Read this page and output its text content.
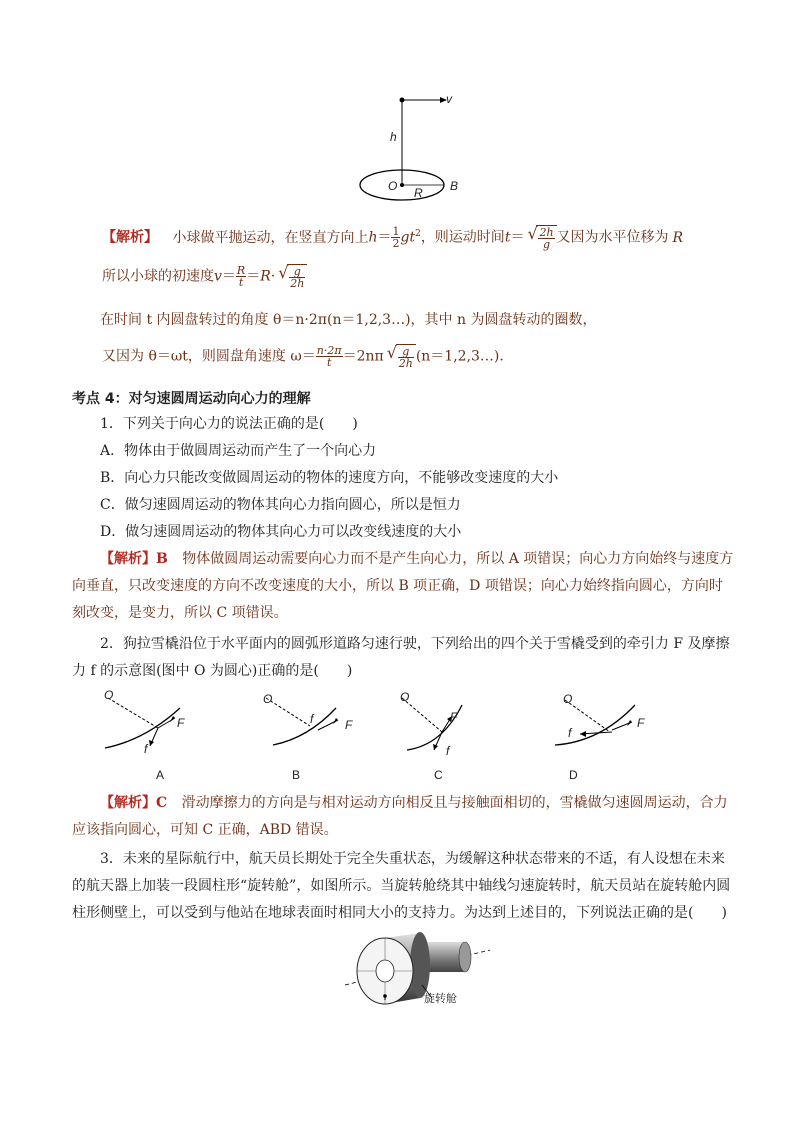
v
h
O R B
【解析】 小球做平抛运动，在竖直方向上$h= \frac{1}{2} gt^2$，则运动时间t＝ √ $\frac{2h}{g}$ 又因为水平位移为 R
所以小球的初速度$v= \frac{R}{t} =R\cdot$ √ $\frac{g}{2h}$
在时间 t 内圆盘转过的角度 θ＝n·2π(n＝1,2,3…)，其中 n 为圆盘转动的圈数，
又因为 θ＝ωt，则圆盘角速度 $\omega= \frac{n\cdot 2\pi}{t} =2n\pi$ √ $\frac{g}{2h}$ (n＝1,2,3…)．
考点 4：对匀速圆周运动向心力的理解
1．下列关于向心力的说法正确的是(　　)
A．物体由于做圆周运动而产生了一个向心力
B．向心力只能改变做圆周运动的物体的速度方向，不能够改变速度的大小
C．做匀速圆周运动的物体其向心力指向圆心，所以是恒力
D．做匀速圆周运动的物体其向心力可以改变线速度的大小
【解析】B 物体做圆周运动需要向心力而不是产生向心力，所以 A 项错误；向心力方向始终与速度方
向垂直，只改变速度的方向不改变速度的大小，所以 B 项正确，D 项错误；向心力始终指向圆心，方向时
刻改变，是变力，所以 C 项错误。
2．狗拉雪橇沿位于水平面内的圆弧形道路匀速行驶，下列给出的四个关于雪橇受到的牵引力 F 及摩擦
力 f 的示意图(图中 O 为圆心)正确的是(　　)
O
F
f
A
O
f	F
B
O
F
f
C
O
F
f
D
【解析】C 滑动摩擦力的方向是与相对运动方向相反且与接触面相切的，雪橇做匀速圆周运动，合力
应该指向圆心，可知 C 正确，ABD 错误。
3．未来的星际航行中，航天员长期处于完全失重状态，为缓解这种状态带来的不适，有人设想在未来
的航天器上加装一段圆柱形“旋转舱”，如图所示。当旋转舱绕其中轴线匀速旋转时，航天员站在旋转舱内圆
柱形侧壁上，可以受到与他站在地球表面时相同大小的支持力。为达到上述目的，下列说法正确的是(　　)
旋转舱
